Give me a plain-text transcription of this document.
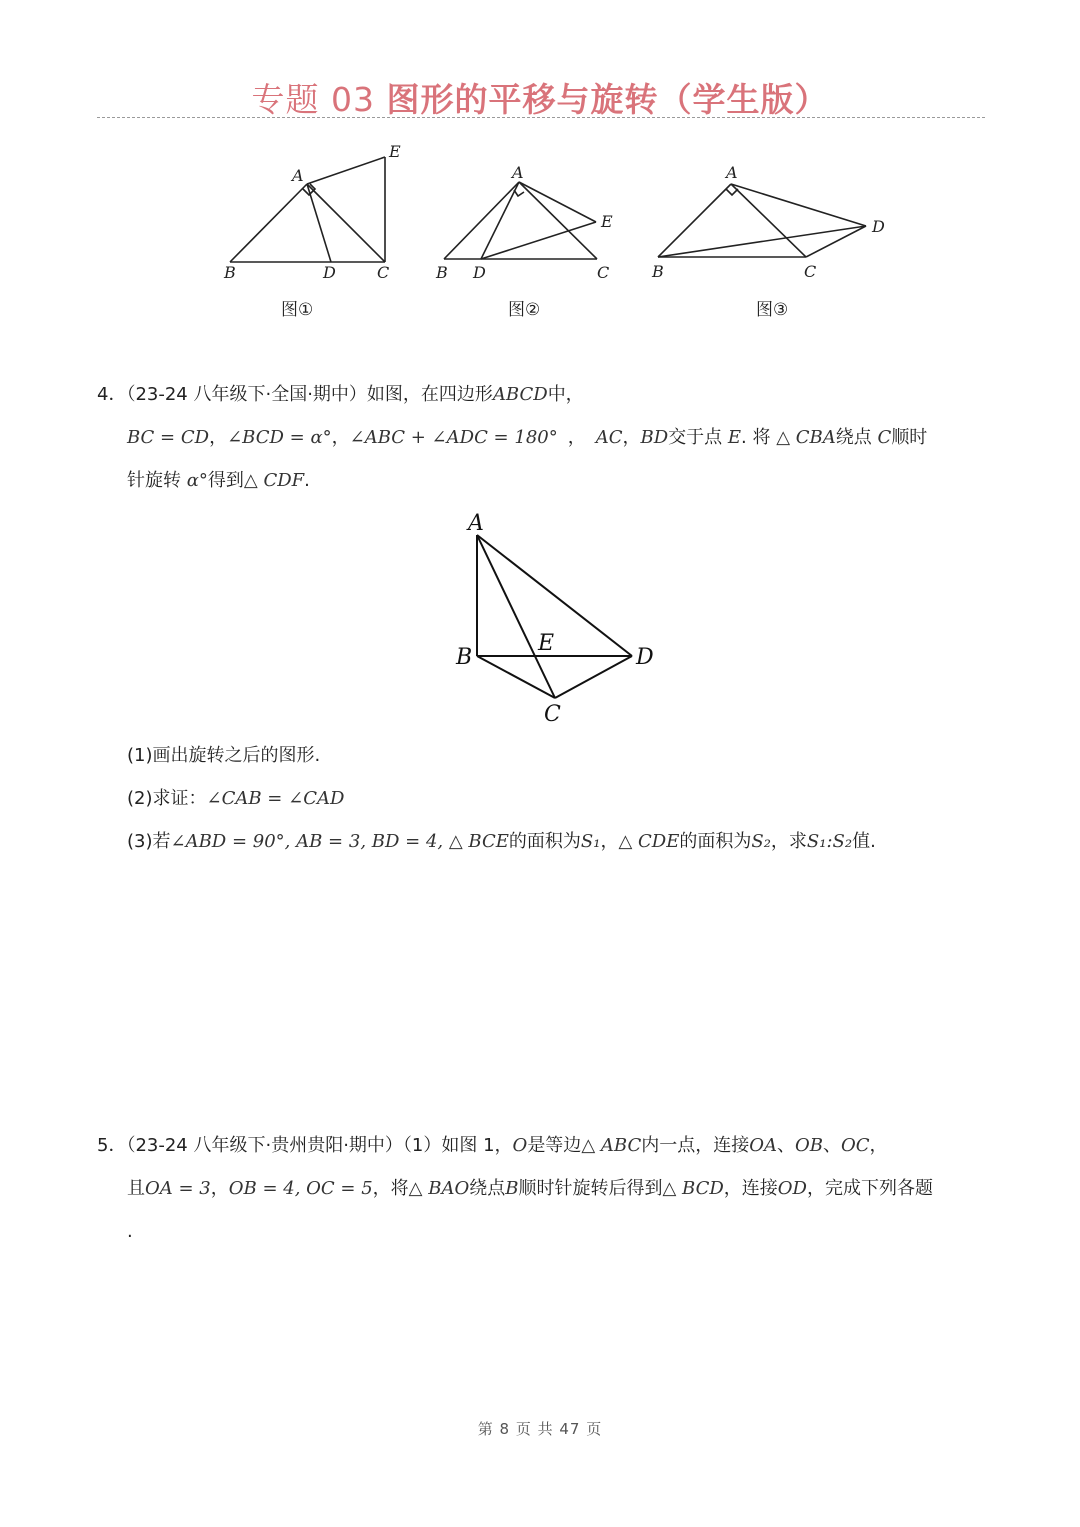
专题 03 图形的平移与旋转（学生版）
A
E
B	D	C
A
E
B D	C
A
D
B	C
图①	图②	图③
4．（23-24 八年级下·全国·期中）如图，在四边形ABCD中，
BC = CD，∠BCD = α°，∠ABC + ∠ADC = 180° ， AC，BD交于点 E. 将 △ CBA绕点 C顺时
针旋转 α°得到△ CDF.
A
B
E
D
C
(1)画出旋转之后的图形.
(2)求证：∠CAB = ∠CAD
(3)若∠ABD = 90°, AB = 3, BD = 4, △ BCE的面积为S₁，△ CDE的面积为S₂，求S₁:S₂值.
5．（23-24 八年级下·贵州贵阳·期中）（1）如图 1，O是等边△ ABC内一点，连接OA、OB、OC，
且OA = 3，OB = 4, OC = 5，将△ BAO绕点B顺时针旋转后得到△ BCD，连接OD，完成下列各题
.
第 8 页 共 47 页
